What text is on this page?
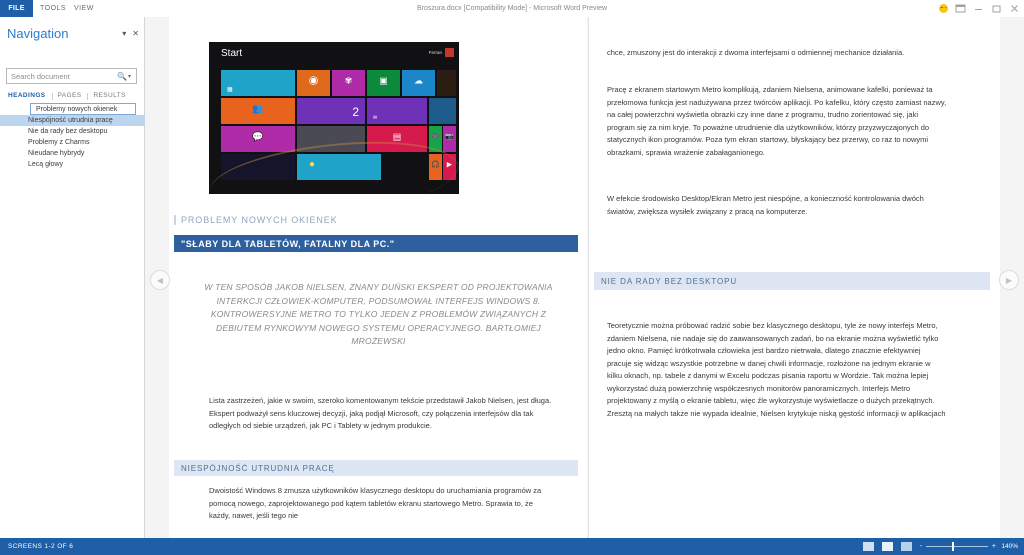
Broszura.docx [Compatibility Mode] - Microsoft Word Preview
FILE	TOOLS VIEW
Navigation	▾ ✕
Search document
🔍 ▾
HEADINGS	PAGES	RESULTS
Problemy nowych okienek
Niespójność utrudnia pracę
Nie da rady bez desktopu
Problemy z Charms
Nieudane hybrydy
Lecą głowy
◀	▶
Start	Ferran
▦
◉	✾	▣	☁
👥	2	✉
💬	▤	🎮 📷
●	🎧 ▶
PROBLEMY NOWYCH OKIENEK
"SŁABY DLA TABLETÓW, FATALNY DLA PC."
W TEN SPOSÓB JAKOB NIELSEN, ZNANY DUŃSKI EKSPERT OD PROJEKTOWANIA INTERKCJI CZŁOWIEK-KOMPUTER, PODSUMOWAŁ INTERFEJS WINDOWS 8. KONTROWERSYJNE METRO TO TYLKO JEDEN Z PROBLEMÓW ZWIĄZANYCH Z DEBIUTEM RYNKOWYM NOWEGO SYSTEMU OPERACYJNEGO. BARTŁOMIEJ MROŻEWSKI
Lista zastrzeżeń, jakie w swoim, szeroko komentowanym tekście przedstawił Jakob Nielsen, jest długa. Ekspert podważył sens kluczowej decyzji, jaką podjął Microsoft, czy połączenia interfejsów dla tak odległych od siebie urządzeń, jak PC i Tablety w jednym produkcie.
NIESPÓJNOŚĆ UTRUDNIA PRACĘ
Dwoistość Windows 8 zmusza użytkowników klasycznego desktopu do uruchamiania programów za pomocą nowego, zaprojektowanego pod kątem tabletów ekranu startowego Metro. Sprawia to, że każdy, nawet, jeśli tego nie
chce, zmuszony jest do interakcji z dwoma interfejsami o odmiennej mechanice działania.
Pracę z ekranem startowym Metro komplikują, zdaniem Nielsena, animowane kafelki, ponieważ ta przełomowa funkcja jest nadużywana przez twórców aplikacji. Po kafelku, który często zamiast nazwy, na całej powierzchni wyświetla obrazki czy inne dane z programu, trudno zorientować się, jaki program się za nim kryje. To poważne utrudnienie dla użytkowników, którzy przyzwyczajonych do statycznych ikon programów. Poza tym ekran startowy, błyskający bez przerwy, co raz to nowymi obrazkami, sprawia wrażenie zabałaganionego.
W efekcie środowisko Desktop/Ekran Metro jest niespójne, a konieczność kontrolowania dwóch światów, zwiększa wysiłek związany z pracą na komputerze.
NIE DA RADY BEZ DESKTOPU
Teoretycznie można próbować radzić sobie bez klasycznego desktopu, tyle że nowy interfejs Metro, zdaniem Nielsena, nie nadaje się do zaawansowanych zadań, bo na ekranie można wyświetlić tylko jedno okno. Pamięć krótkotrwała człowieka jest bardzo nietrwała, dlatego znacznie efektywniej pracuje się widząc wszystkie potrzebne w danej chwili informacje, rozłożone na jednym ekranie w kilku oknach, np. tabele z danymi w Excelu podczas pisania raportu w Wordzie. Tak można lepiej wykorzystać dużą powierzchnię współczesnych monitorów panoramicznych. Interfejs Metro projektowany z myślą o ekranie tabletu, więc źle wykorzystuje wyświetlacze o dużych przekątnych. Zresztą na małych także nie wypada idealnie, Nielsen krytykuje niską gęstość informacji w aplikacjach
SCREENS 1-2 OF 6	-	+ 140%
